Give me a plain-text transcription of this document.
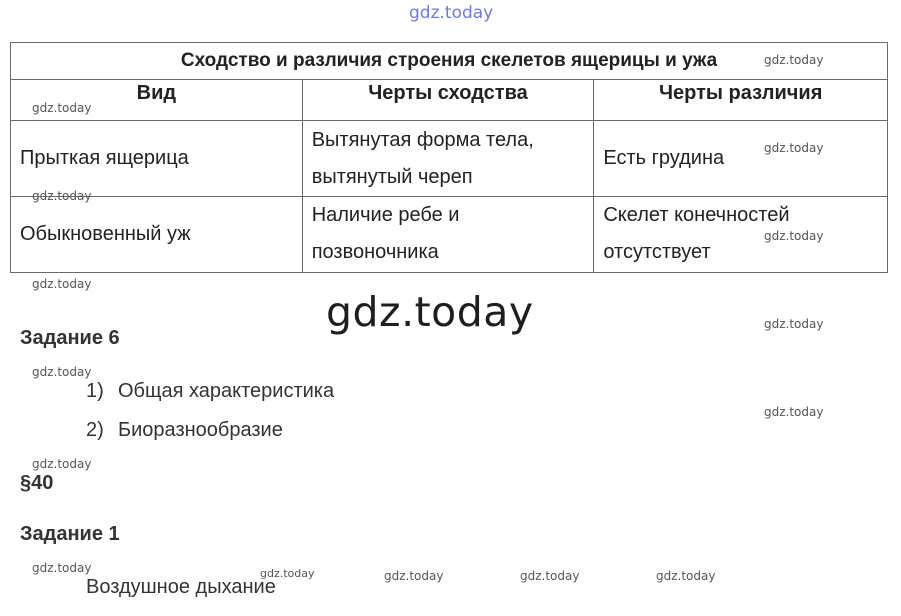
gdz.today
Сходство и различия строения скелетов ящерицы и ужа		
Вид	Черты сходства	Черты различия
Прыткая ящерица	Вытянутая форма тела, вытянутый череп	Есть грудина
Обыкновенный уж	Наличие ребе и позвоночника	Скелет конечностей отсутствует
gdz.today
gdz.today
gdz.today
gdz.today
gdz.today
gdz.today
gdz.today
gdz.today
gdz.today
gdz.today
gdz.today	gdz.today	gdz.today	gdz.today	gdz.today
gdz.today
Задание 6
1) Общая характеристика
2) Биоразнообразие
§40
Задание 1
Воздушное дыхание
